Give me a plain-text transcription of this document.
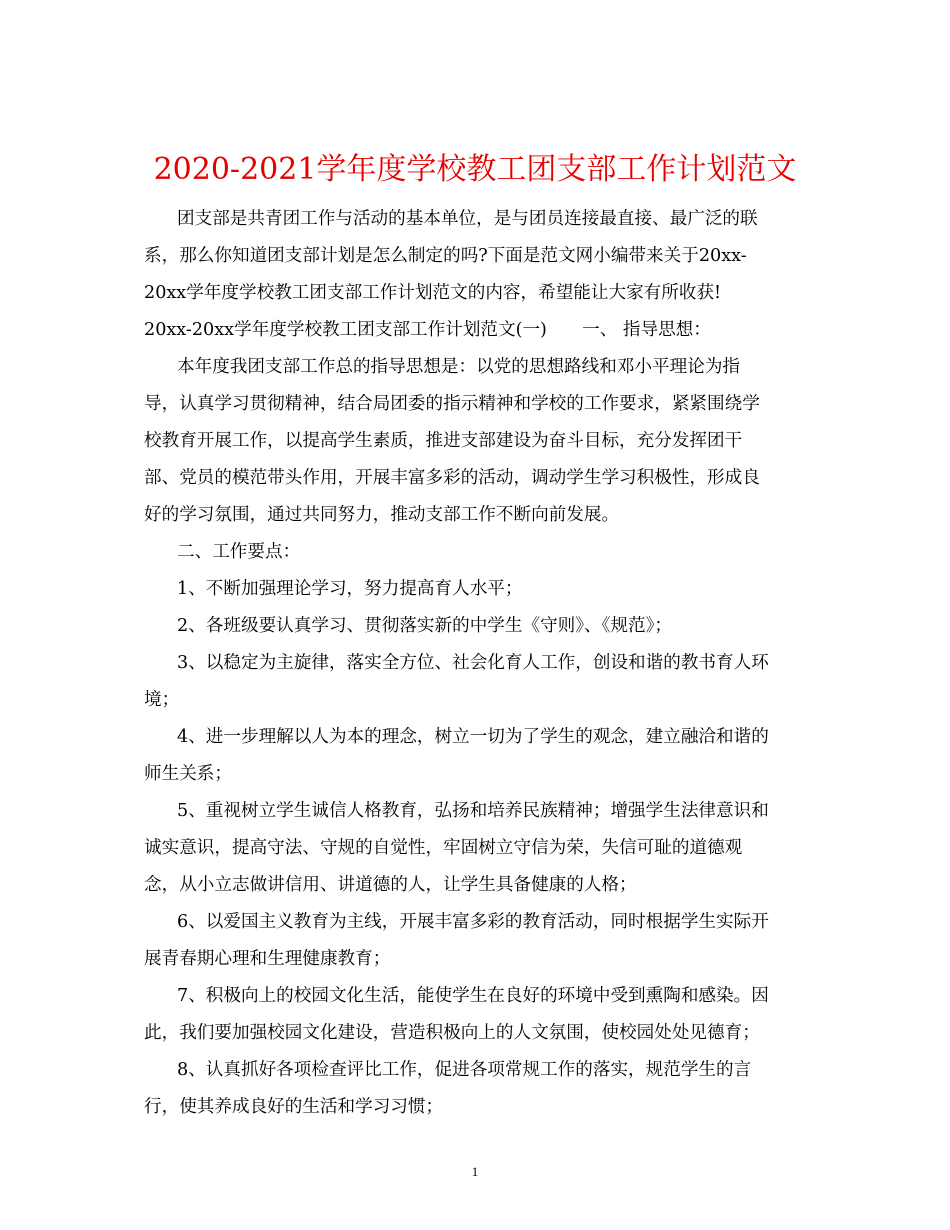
2020-2021学年度学校教工团支部工作计划范文
团支部是共青团工作与活动的基本单位，是与团员连接最直接、最广泛的联
系，那么你知道团支部计划是怎么制定的吗?下面是范文网小编带来关于20xx-
20xx学年度学校教工团支部工作计划范文的内容，希望能让大家有所收获!
20xx-20xx学年度学校教工团支部工作计划范文(一)　　一、 指导思想：
本年度我团支部工作总的指导思想是：以党的思想路线和邓小平理论为指
导，认真学习贯彻精神，结合局团委的指示精神和学校的工作要求，紧紧围绕学
校教育开展工作，以提高学生素质，推进支部建设为奋斗目标，充分发挥团干
部、党员的模范带头作用，开展丰富多彩的活动，调动学生学习积极性，形成良
好的学习氛围，通过共同努力，推动支部工作不断向前发展。
二、工作要点：
1、不断加强理论学习，努力提高育人水平；
2、各班级要认真学习、贯彻落实新的中学生《守则》、《规范》；
3、以稳定为主旋律，落实全方位、社会化育人工作，创设和谐的教书育人环
境；
4、进一步理解以人为本的理念，树立一切为了学生的观念，建立融洽和谐的
师生关系；
5、重视树立学生诚信人格教育，弘扬和培养民族精神；增强学生法律意识和
诚实意识，提高守法、守规的自觉性，牢固树立守信为荣，失信可耻的道德观
念，从小立志做讲信用、讲道德的人，让学生具备健康的人格；
6、以爱国主义教育为主线，开展丰富多彩的教育活动，同时根据学生实际开
展青春期心理和生理健康教育；
7、积极向上的校园文化生活，能使学生在良好的环境中受到熏陶和感染。因
此，我们要加强校园文化建设，营造积极向上的人文氛围，使校园处处见德育；
8、认真抓好各项检查评比工作，促进各项常规工作的落实，规范学生的言
行，使其养成良好的生活和学习习惯；
1
